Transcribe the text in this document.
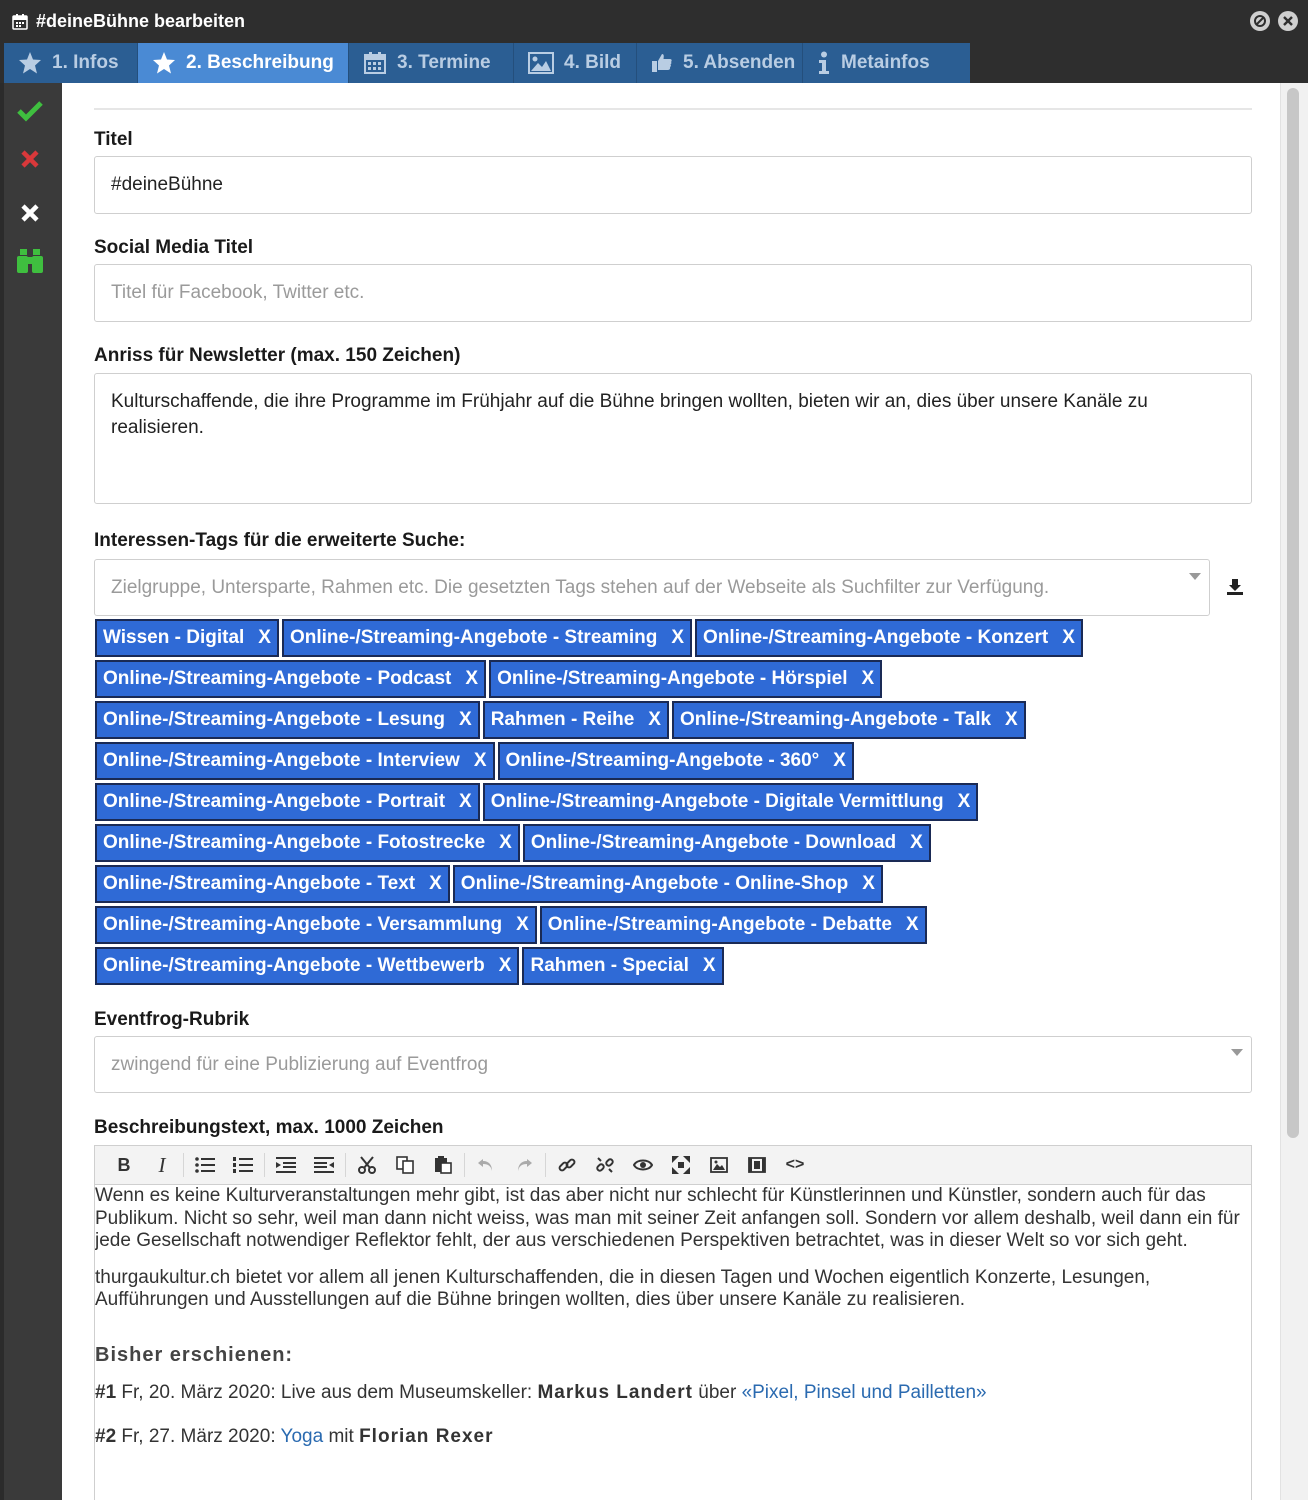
#deineBühne bearbeiten
1. Infos	2. Beschreibung	3. Termine	4. Bild	5. Absenden Metainfos
Titel
#deineBühne
Social Media Titel
Titel für Facebook, Twitter etc.
Anriss für Newsletter (max. 150 Zeichen)
Kulturschaffende, die ihre Programme im Frühjahr auf die Bühne bringen wollten, bieten wir an, dies über unsere Kanäle zu realisieren.
Interessen-Tags für die erweiterte Suche:
Zielgruppe, Untersparte, Rahmen etc. Die gesetzten Tags stehen auf der Webseite als Suchfilter zur Verfügung.
Wissen - Digital X Online-/Streaming-Angebote - Streaming X Online-/Streaming-Angebote - Konzert X
Online-/Streaming-Angebote - Podcast X Online-/Streaming-Angebote - Hörspiel X
Online-/Streaming-Angebote - Lesung X Rahmen - Reihe X Online-/Streaming-Angebote - Talk X
Online-/Streaming-Angebote - Interview X Online-/Streaming-Angebote - 360° X
Online-/Streaming-Angebote - Portrait X Online-/Streaming-Angebote - Digitale Vermittlung X
Online-/Streaming-Angebote - Fotostrecke X Online-/Streaming-Angebote - Download X
Online-/Streaming-Angebote - Text X Online-/Streaming-Angebote - Online-Shop X
Online-/Streaming-Angebote - Versammlung X Online-/Streaming-Angebote - Debatte X
Online-/Streaming-Angebote - Wettbewerb X Rahmen - Special X
Eventfrog-Rubrik
zwingend für eine Publizierung auf Eventfrog
Beschreibungstext, max. 1000 Zeichen
B	I	<>

Wenn es keine Kulturveranstaltungen mehr gibt, ist das aber nicht nur schlecht für Künstlerinnen und Künstler, sondern auch für das Publikum. Nicht so sehr, weil man dann nicht weiss, was man mit seiner Zeit anfangen soll. Sondern vor allem deshalb, weil dann ein für jede Gesellschaft notwendiger Reflektor fehlt, der aus verschiedenen Perspektiven betrachtet, was in dieser Welt so vor sich geht.

thurgaukultur.ch bietet vor allem all jenen Kulturschaffenden, die in diesen Tagen und Wochen eigentlich Konzerte, Lesungen, Aufführungen und Ausstellungen auf die Bühne bringen wollten, dies über unsere Kanäle zu realisieren.

Bisher erschienen:
#1 Fr, 20. März 2020: Live aus dem Museumskeller: Markus Landert über «Pixel, Pinsel und Pailletten»
#2 Fr, 27. März 2020: Yoga mit Florian Rexer
